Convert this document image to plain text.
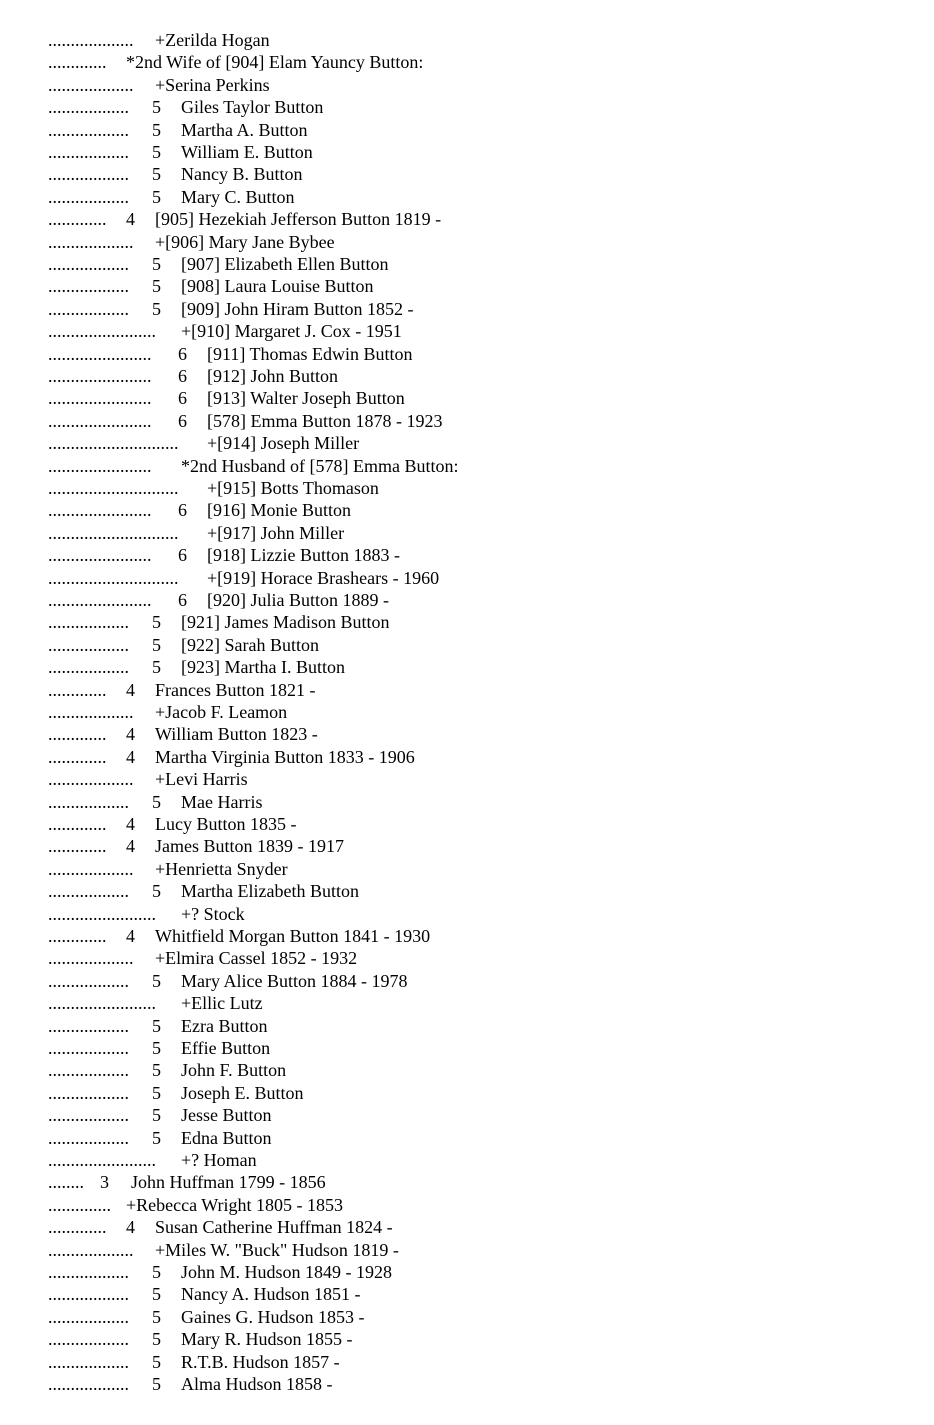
................... +Zerilda Hogan
............. *2nd Wife of [904] Elam Yauncy Button:
................... +Serina Perkins
.................. 5 Giles Taylor Button
.................. 5 Martha A. Button
.................. 5 William E. Button
.................. 5 Nancy B. Button
.................. 5 Mary C. Button
............. 4 [905] Hezekiah Jefferson Button 1819 -
................... +[906] Mary Jane Bybee
.................. 5 [907] Elizabeth Ellen Button
.................. 5 [908] Laura Louise Button
.................. 5 [909] John Hiram Button 1852 -
........................ +[910] Margaret J. Cox - 1951
....................... 6 [911] Thomas Edwin Button
....................... 6 [912] John Button
....................... 6 [913] Walter Joseph Button
....................... 6 [578] Emma Button 1878 - 1923
............................. +[914] Joseph Miller
....................... *2nd Husband of [578] Emma Button:
............................. +[915] Botts Thomason
....................... 6 [916] Monie Button
............................. +[917] John Miller
....................... 6 [918] Lizzie Button 1883 -
............................. +[919] Horace Brashears - 1960
....................... 6 [920] Julia Button 1889 -
.................. 5 [921] James Madison Button
.................. 5 [922] Sarah Button
.................. 5 [923] Martha I. Button
............. 4 Frances Button 1821 -
................... +Jacob F. Leamon
............. 4 William Button 1823 -
............. 4 Martha Virginia Button 1833 - 1906
................... +Levi Harris
.................. 5 Mae Harris
............. 4 Lucy Button 1835 -
............. 4 James Button 1839 - 1917
................... +Henrietta Snyder
.................. 5 Martha Elizabeth Button
........................ +? Stock
............. 4 Whitfield Morgan Button 1841 - 1930
................... +Elmira Cassel 1852 - 1932
.................. 5 Mary Alice Button 1884 - 1978
........................ +Ellic Lutz
.................. 5 Ezra Button
.................. 5 Effie Button
.................. 5 John F. Button
.................. 5 Joseph E. Button
.................. 5 Jesse Button
.................. 5 Edna Button
........................ +? Homan
........ 3 John Huffman 1799 - 1856
.............. +Rebecca Wright 1805 - 1853
............. 4 Susan Catherine Huffman 1824 -
................... +Miles W. "Buck" Hudson 1819 -
.................. 5 John M. Hudson 1849 - 1928
.................. 5 Nancy A. Hudson 1851 -
.................. 5 Gaines G. Hudson 1853 -
.................. 5 Mary R. Hudson 1855 -
.................. 5 R.T.B. Hudson 1857 -
.................. 5 Alma Hudson 1858 -
